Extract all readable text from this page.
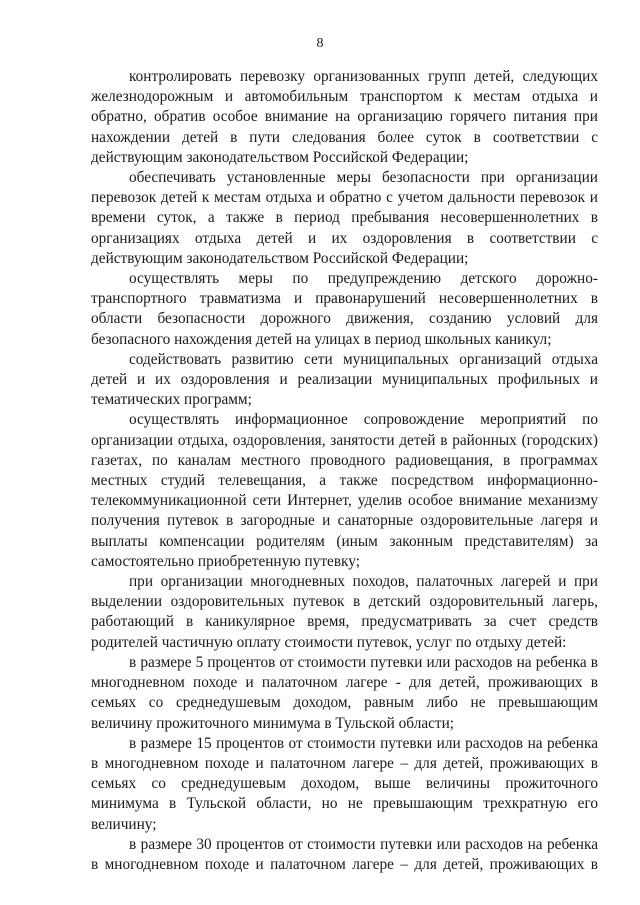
8

контролировать перевозку организованных групп детей, следующих железнодорожным и автомобильным транспортом к местам отдыха и обратно, обратив особое внимание на организацию горячего питания при нахождении детей в пути следования более суток в соответствии с действующим законодательством Российской Федерации;

обеспечивать установленные меры безопасности при организации перевозок детей к местам отдыха и обратно с учетом дальности перевозок и времени суток, а также в период пребывания несовершеннолетних в организациях отдыха детей и их оздоровления в соответствии с действующим законодательством Российской Федерации;

осуществлять меры по предупреждению детского дорожно-транспортного травматизма и правонарушений несовершеннолетних в области безопасности дорожного движения, созданию условий для безопасного нахождения детей на улицах в период школьных каникул;

содействовать развитию сети муниципальных организаций отдыха детей и их оздоровления и реализации муниципальных профильных и тематических программ;

осуществлять информационное сопровождение мероприятий по организации отдыха, оздоровления, занятости детей в районных (городских) газетах, по каналам местного проводного радиовещания, в программах местных студий телевещания, а также посредством информационно-телекоммуникационной сети Интернет, уделив особое внимание механизму получения путевок в загородные и санаторные оздоровительные лагеря и выплаты компенсации родителям (иным законным представителям) за самостоятельно приобретенную путевку;

при организации многодневных походов, палаточных лагерей и при выделении оздоровительных путевок в детский оздоровительный лагерь, работающий в каникулярное время, предусматривать за счет средств родителей частичную оплату стоимости путевок, услуг по отдыху детей:

в размере 5 процентов от стоимости путевки или расходов на ребенка в многодневном походе и палаточном лагере - для детей, проживающих в семьях со среднедушевым доходом, равным либо не превышающим величину прожиточного минимума в Тульской области;

в размере 15 процентов от стоимости путевки или расходов на ребенка в многодневном походе и палаточном лагере – для детей, проживающих в семьях со среднедушевым доходом, выше величины прожиточного минимума в Тульской области, но не превышающим трехкратную его величину;

в размере 30 процентов от стоимости путевки или расходов на ребенка в многодневном походе и палаточном лагере – для детей, проживающих в
